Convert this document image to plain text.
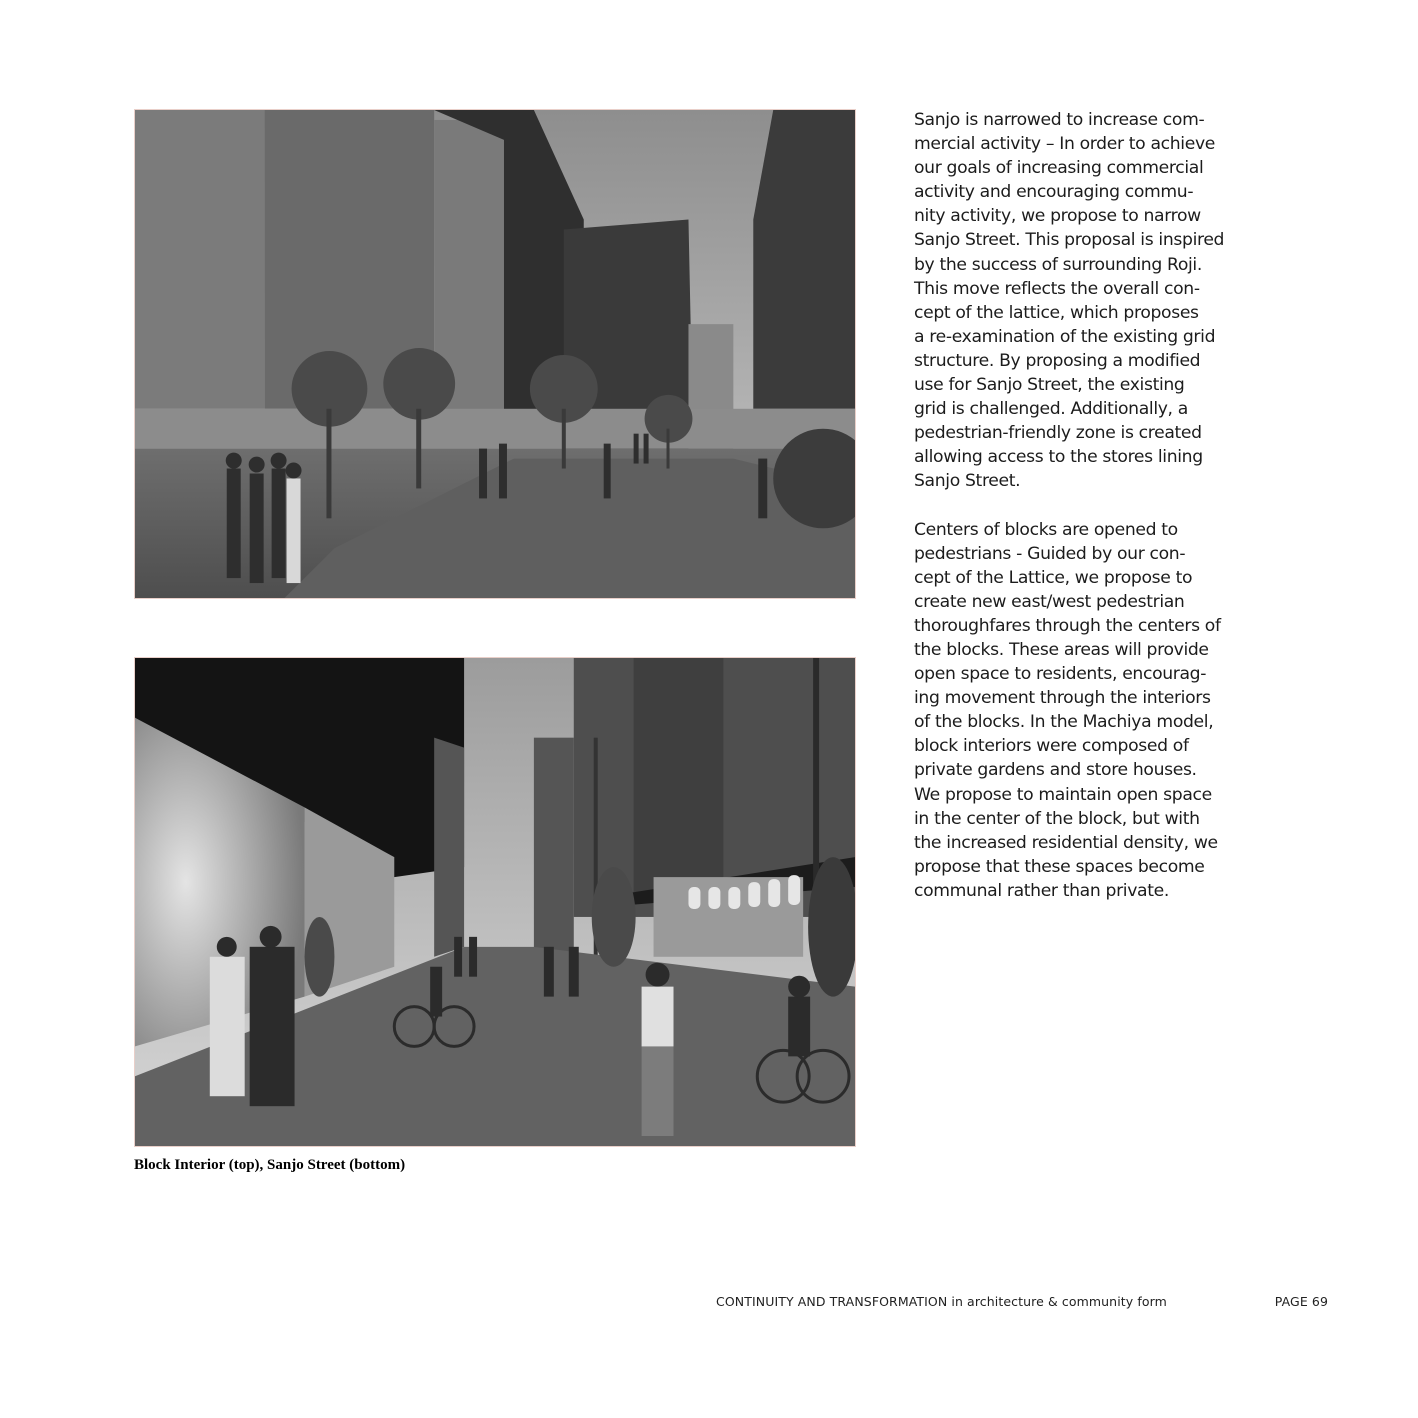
Block Interior (top), Sanjo Street (bottom)

Sanjo is narrowed to increase com-
mercial activity – In order to achieve
our goals of increasing commercial
activity and encouraging commu-
nity activity, we propose to narrow
Sanjo Street. This proposal is inspired
by the success of surrounding Roji.
This move reflects the overall con-
cept of the lattice, which proposes
a re-examination of the existing grid
structure. By proposing a modified
use for Sanjo Street, the existing
grid is challenged. Additionally, a
pedestrian-friendly zone is created
allowing access to the stores lining
Sanjo Street.

Centers of blocks are opened to
pedestrians - Guided by our con-
cept of the Lattice, we propose to
create new east/west pedestrian
thoroughfares through the centers of
the blocks. These areas will provide
open space to residents, encourag-
ing movement through the interiors
of the blocks. In the Machiya model,
block interiors were composed of
private gardens and store houses.
We propose to maintain open space
in the center of the block, but with
the increased residential density, we
propose that these spaces become
communal rather than private.

CONTINUITY AND TRANSFORMATION in architecture & community form	PAGE 69
